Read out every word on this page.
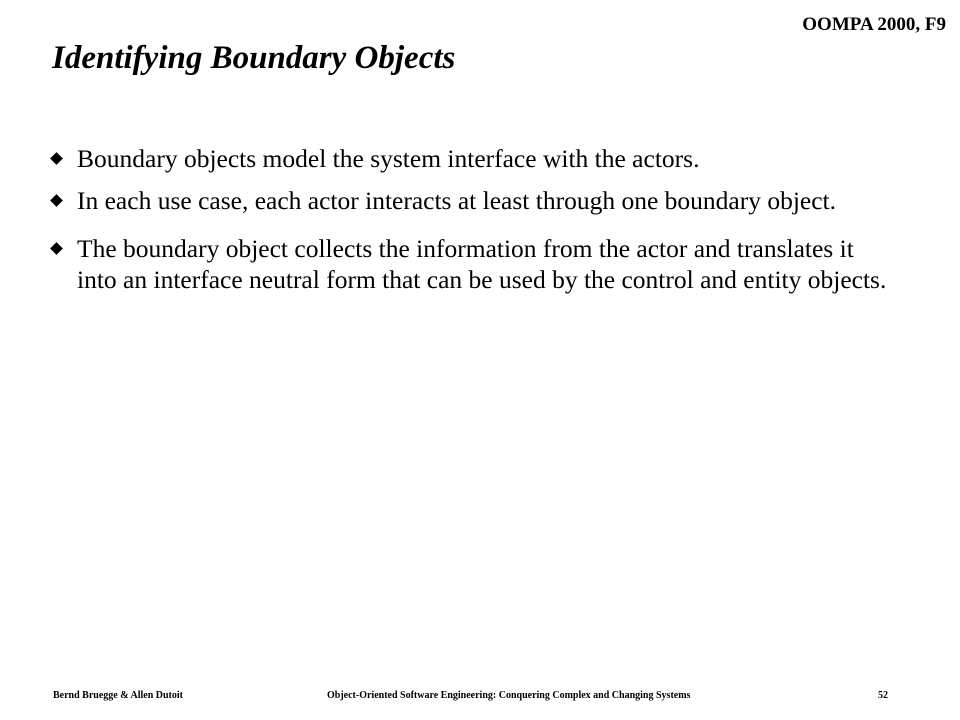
OOMPA 2000, F9
Identifying Boundary Objects
Boundary objects model the system interface with the actors.
In each use case, each actor interacts at least through one boundary object.
The boundary object collects the information from the actor and translates it into an interface neutral form that can be used by the control and entity objects.
Bernd Bruegge & Allen Dutoit	Object-Oriented Software Engineering: Conquering Complex and Changing Systems	52
